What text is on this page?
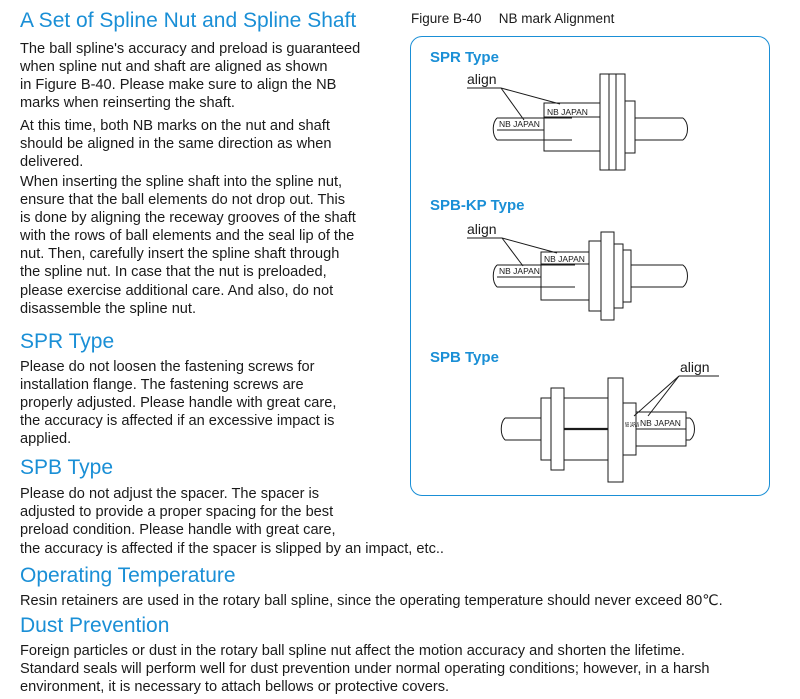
A Set of Spline Nut and Spline Shaft
The ball spline's accuracy and preload is guaranteed
when spline nut and shaft are aligned as shown
in Figure B-40. Please make sure to align the NB
marks when reinserting the shaft.
At this time, both NB marks on the nut and shaft
should be aligned in the same direction as when
delivered.
When inserting the spline shaft into the spline nut,
ensure that the ball elements do not drop out. This
is done by aligning the receway grooves of the shaft
with the rows of ball elements and the seal lip of the
nut. Then, carefully insert the spline shaft through
the spline nut. In case that the nut is preloaded,
please exercise additional care. And also, do not
disassemble the spline nut.
SPR Type
Please do not loosen the fastening screws for
installation flange. The fastening screws are
properly adjusted. Please handle with great care,
the accuracy is affected if an excessive impact is
applied.
SPB Type
Please do not adjust the spacer. The spacer is
adjusted to provide a proper spacing for the best
preload condition. Please handle with great care,
the accuracy is affected if the spacer is slipped by an impact, etc..
Operating Temperature
Resin retainers are used in the rotary ball spline, since the operating temperature should never exceed 80℃.
Dust Prevention
Foreign particles or dust in the rotary ball spline nut affect the motion accuracy and shorten the lifetime.
Standard seals will perform well for dust prevention under normal operating conditions; however, in a harsh
environment, it is necessary to attach bellows or protective covers.
Figure B-40  NB mark Alignment
SPR Type
SPB-KP Type
SPB Type
align
NB JAPAN
NB JAPAN
align
NB JAPAN
NB JAPAN
align
NB JAPAN NB JAPAN
